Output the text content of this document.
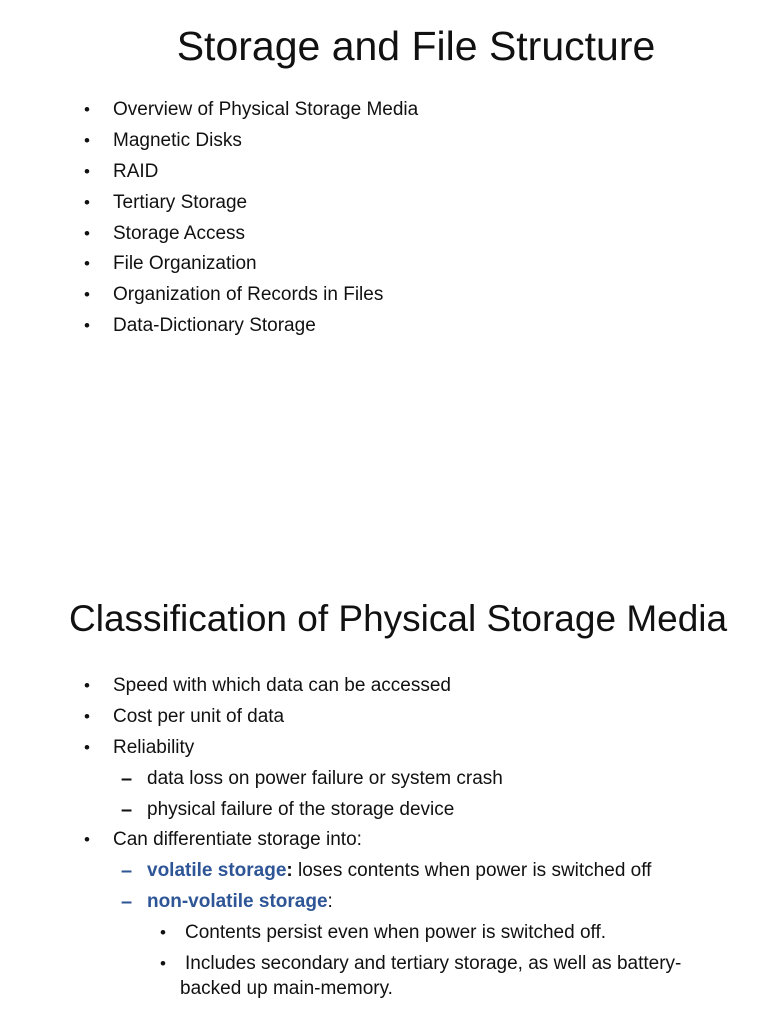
Storage and File Structure
• Overview of Physical Storage Media
• Magnetic Disks
• RAID
• Tertiary Storage
• Storage Access
• File Organization
• Organization of Records in Files
• Data-Dictionary Storage
Classification of Physical Storage Media
• Speed with which data can be accessed
• Cost per unit of data
• Reliability
– data loss on power failure or system crash
– physical failure of the storage device
• Can differentiate storage into:
– volatile storage: loses contents when power is switched off
– non-volatile storage:
• Contents persist even when power is switched off.
• Includes secondary and tertiary storage, as well as battery-
backed up main-memory.
